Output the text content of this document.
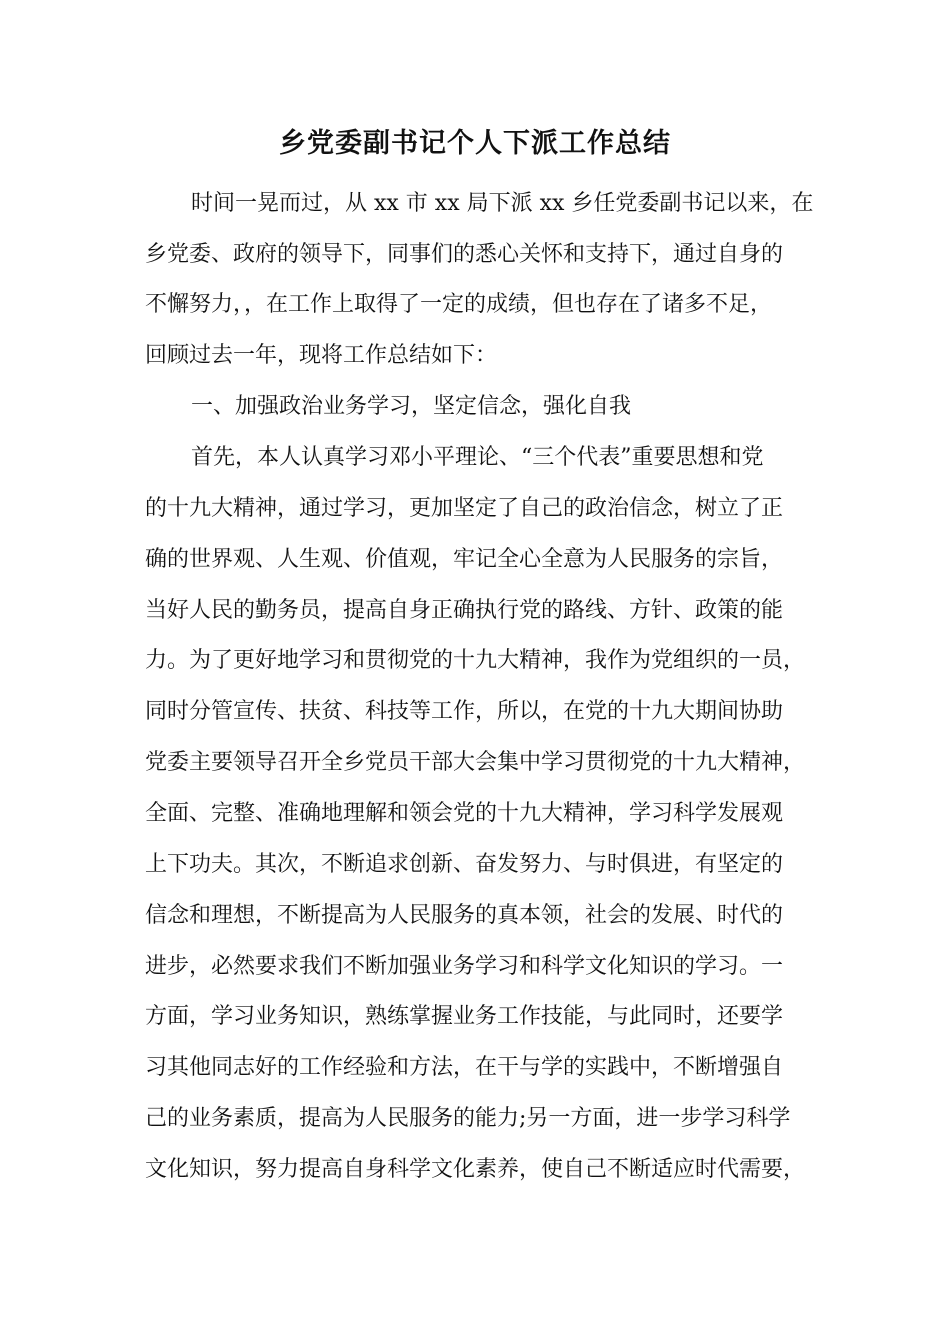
乡党委副书记个人下派工作总结
时间一晃而过，从 xx 市 xx 局下派 xx 乡任党委副书记以来，在
乡党委、政府的领导下，同事们的悉心关怀和支持下，通过自身的
不懈努力，，在工作上取得了一定的成绩，但也存在了诸多不足，
回顾过去一年，现将工作总结如下：
一、加强政治业务学习，坚定信念，强化自我
首先，本人认真学习邓小平理论、“三个代表”重要思想和党
的十九大精神，通过学习，更加坚定了自己的政治信念，树立了正
确的世界观、人生观、价值观，牢记全心全意为人民服务的宗旨，
当好人民的勤务员，提高自身正确执行党的路线、方针、政策的能
力。为了更好地学习和贯彻党的十九大精神，我作为党组织的一员，
同时分管宣传、扶贫、科技等工作，所以，在党的十九大期间协助
党委主要领导召开全乡党员干部大会集中学习贯彻党的十九大精神，
全面、完整、准确地理解和领会党的十九大精神，学习科学发展观
上下功夫。其次，不断追求创新、奋发努力、与时俱进，有坚定的
信念和理想，不断提高为人民服务的真本领，社会的发展、时代的
进步，必然要求我们不断加强业务学习和科学文化知识的学习。一
方面，学习业务知识，熟练掌握业务工作技能，与此同时，还要学
习其他同志好的工作经验和方法，在干与学的实践中，不断增强自
己的业务素质，提高为人民服务的能力;另一方面，进一步学习科学
文化知识，努力提高自身科学文化素养，使自己不断适应时代需要，
